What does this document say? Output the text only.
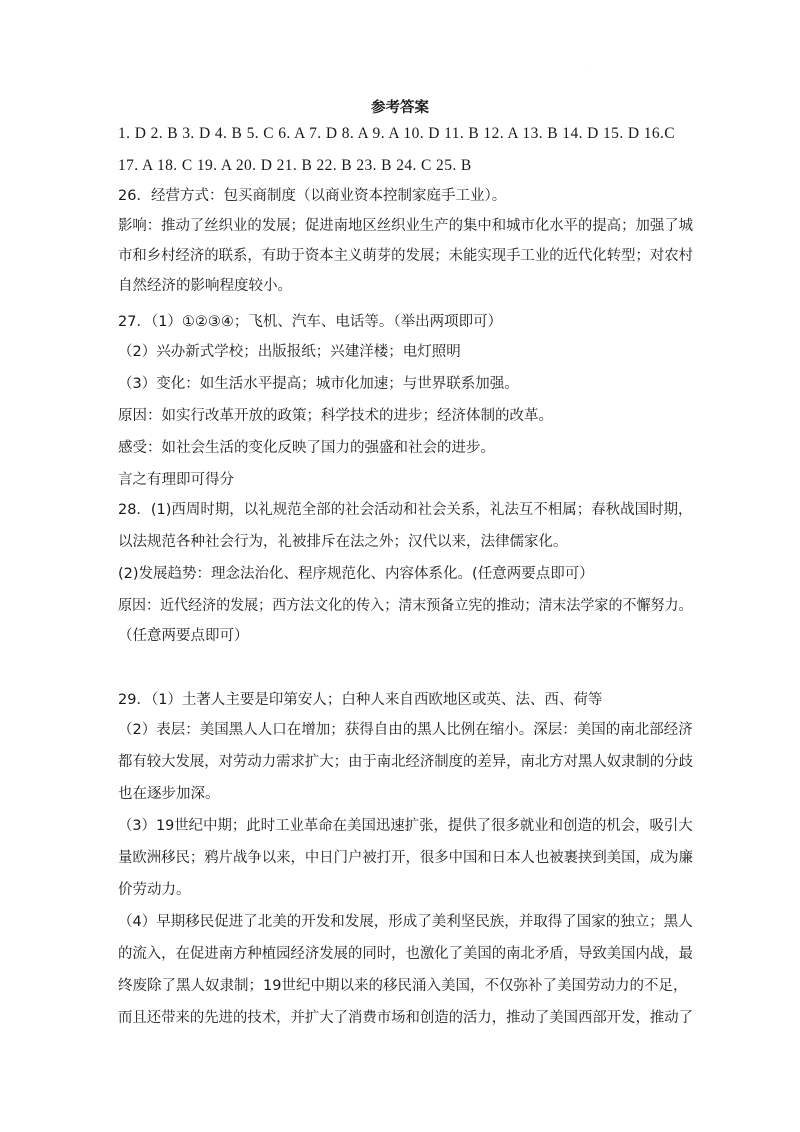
·
参考答案
1. D 2. B 3. D 4. B 5. C 6. A 7. D 8. A 9. A 10. D 11. B 12. A 13. B 14. D 15. D 16.C
17. A 18. C 19. A 20. D 21. B 22. B 23. B 24. C 25. B
26．经营方式：包买商制度（以商业资本控制家庭手工业）。
影响：推动了丝织业的发展；促进南地区丝织业生产的集中和城市化水平的提高；加强了城
市和乡村经济的联系，有助于资本主义萌芽的发展；未能实现手工业的近代化转型；对农村
自然经济的影响程度较小。
27．（1）①②③④；飞机、汽车、电话等。（举出两项即可）
（2）兴办新式学校；出版报纸；兴建洋楼；电灯照明
（3）变化：如生活水平提高；城市化加速；与世界联系加强。
原因：如实行改革开放的政策；科学技术的进步；经济体制的改革。
感受：如社会生活的变化反映了国力的强盛和社会的进步。
言之有理即可得分
28．(1)西周时期，以礼规范全部的社会活动和社会关系，礼法互不相属；春秋战国时期，
以法规范各种社会行为，礼被排斥在法之外；汉代以来，法律儒家化。
(2)发展趋势：理念法治化、程序规范化、内容体系化。(任意两要点即可）
原因：近代经济的发展；西方法文化的传入；清末预备立宪的推动；清末法学家的不懈努力。
（任意两要点即可）
29．（1）土著人主要是印第安人；白种人来自西欧地区或英、法、西、荷等
（2）表层：美国黑人人口在增加；获得自由的黑人比例在缩小。深层：美国的南北部经济
都有较大发展，对劳动力需求扩大；由于南北经济制度的差异，南北方对黑人奴隶制的分歧
也在逐步加深。
（3）19世纪中期；此时工业革命在美国迅速扩张，提供了很多就业和创造的机会，吸引大
量欧洲移民；鸦片战争以来，中日门户被打开，很多中国和日本人也被裹挟到美国，成为廉
价劳动力。
（4）早期移民促进了北美的开发和发展，形成了美利坚民族，并取得了国家的独立；黑人
的流入，在促进南方种植园经济发展的同时，也激化了美国的南北矛盾，导致美国内战，最
终废除了黑人奴隶制；19世纪中期以来的移民涌入美国，不仅弥补了美国劳动力的不足，
而且还带来的先进的技术，并扩大了消费市场和创造的活力，推动了美国西部开发，推动了
